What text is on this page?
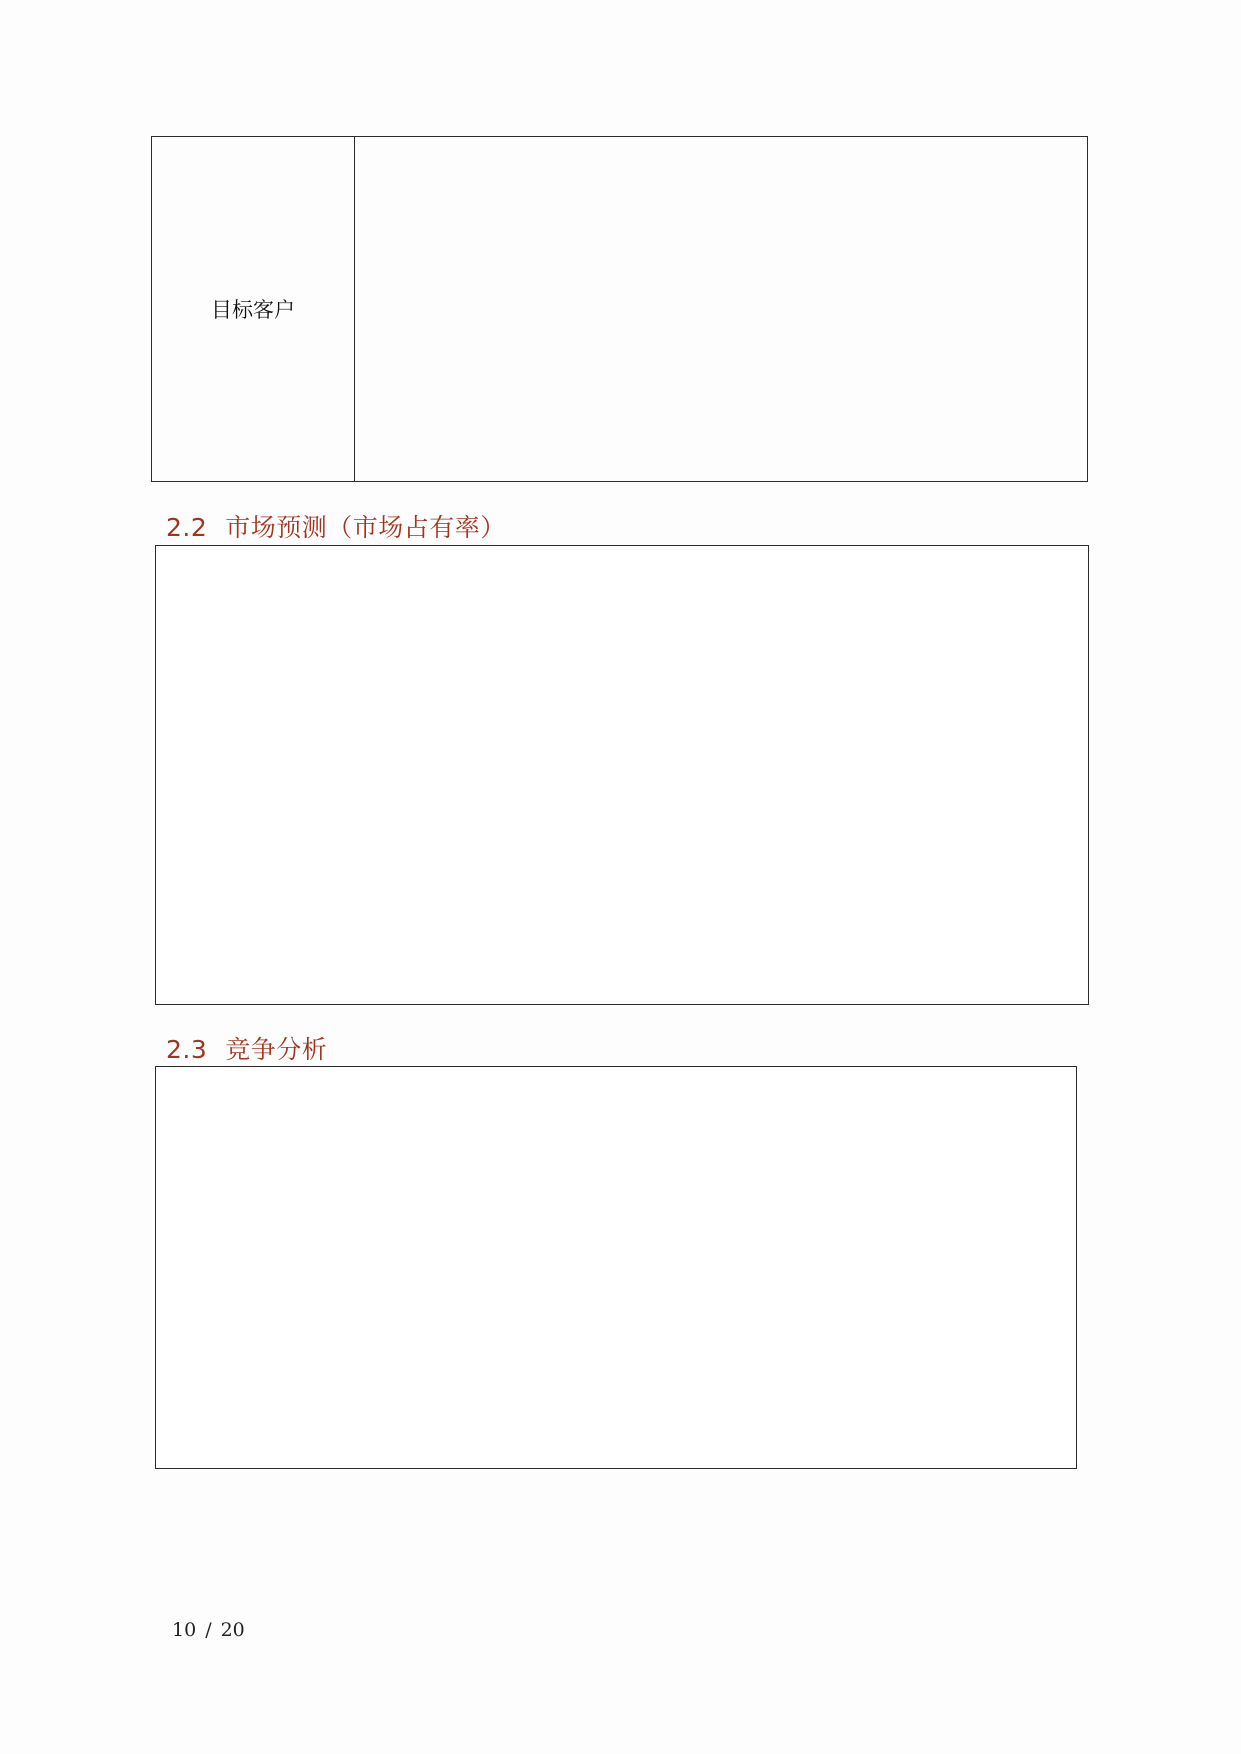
目标客户
2.2 市场预测（市场占有率）
2.3 竞争分析
10 / 20
